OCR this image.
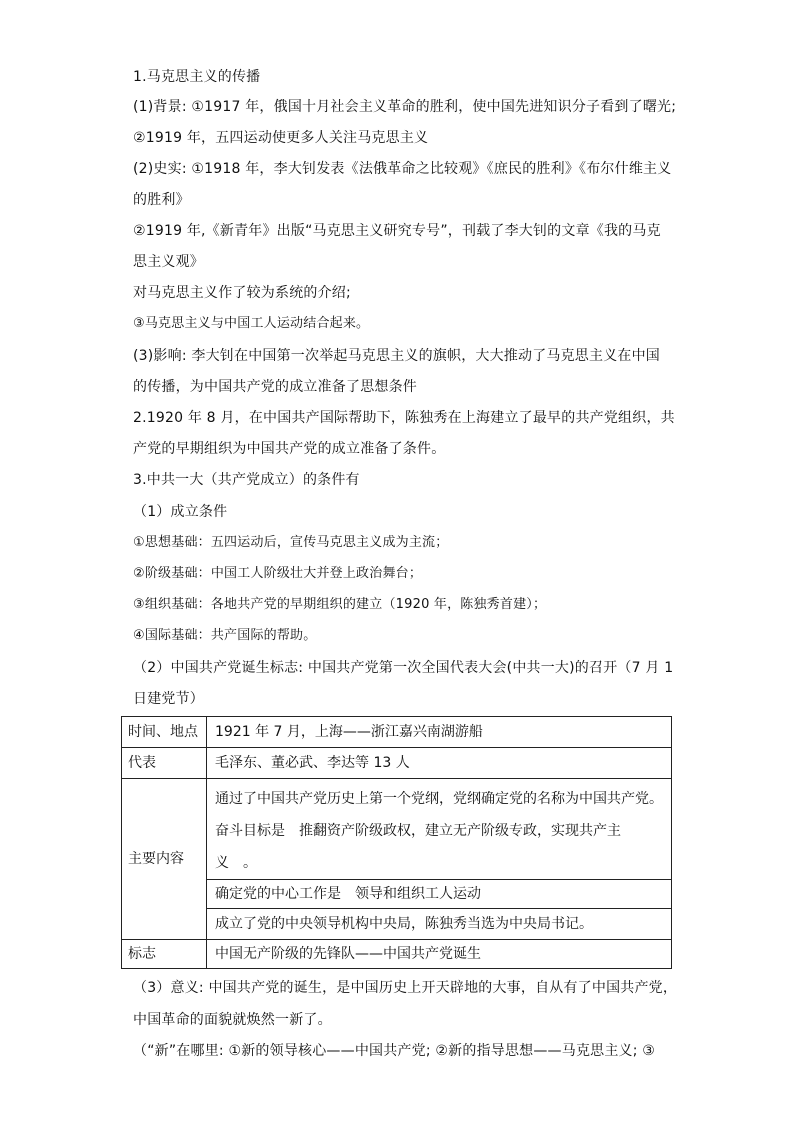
1.马克思主义的传播
(1)背景: ①1917 年，俄国十月社会主义革命的胜利，使中国先进知识分子看到了曙光;
②1919 年，五四运动使更多人关注马克思主义
(2)史实: ①1918 年，李大钊发表《法俄革命之比较观》《庶民的胜利》《布尔什维主义
的胜利》
②1919 年,《新青年》出版“马克思主义研究专号”，刊载了李大钊的文章《我的马克
思主义观》
对马克思主义作了较为系统的介绍;
③马克思主义与中国工人运动结合起来。
(3)影响: 李大钊在中国第一次举起马克思主义的旗帜，大大推动了马克思主义在中国
的传播，为中国共产党的成立准备了思想条件
2.1920 年 8 月，在中国共产国际帮助下，陈独秀在上海建立了最早的共产党组织，共
产党的早期组织为中国共产党的成立准备了条件。
3.中共一大（共产党成立）的条件有
（1）成立条件
①思想基础：五四运动后，宣传马克思主义成为主流；
②阶级基础：中国工人阶级壮大并登上政治舞台；
③组织基础：各地共产党的早期组织的建立（1920 年，陈独秀首建）；
④国际基础：共产国际的帮助。
（2）中国共产党诞生标志: 中国共产党第一次全国代表大会(中共一大)的召开（7 月 1
日建党节）
时间、地点	1921 年 7 月，上海——浙江嘉兴南湖游船
代表	毛泽东、董必武、李达等 13 人
主要内容	通过了中国共产党历史上第一个党纲，党纲确定党的名称为中国共产党。
奋斗目标是　推翻资产阶级政权，建立无产阶级专政，实现共产主
义　。

	确定党的中心工作是　领导和组织工人运动
	成立了党的中央领导机构中央局，陈独秀当选为中央局书记。
标志	中国无产阶级的先锋队——中国共产党诞生
（3）意义: 中国共产党的诞生，是中国历史上开天辟地的大事，自从有了中国共产党，
中国革命的面貌就焕然一新了。
（“新”在哪里: ①新的领导核心——中国共产党; ②新的指导思想——马克思主义; ③
